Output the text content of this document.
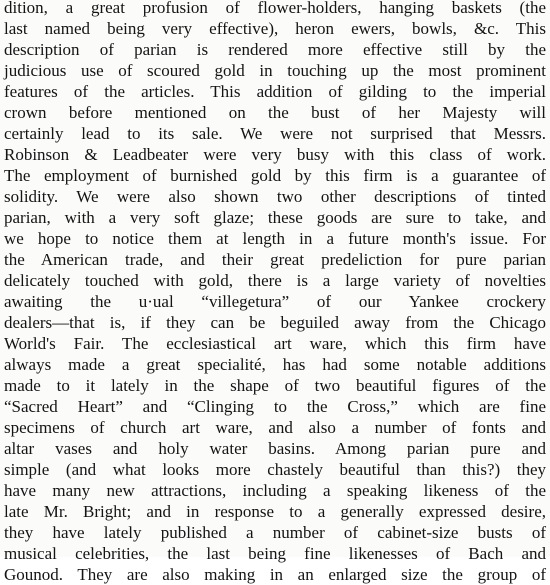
dition, a great profusion of flower-holders, hanging baskets (the
last named being very effective), heron ewers, bowls, &c. This
description of parian is rendered more effective still by the
judicious use of scoured gold in touching up the most prominent
features of the articles. This addition of gilding to the imperial
crown before mentioned on the bust of her Majesty will
certainly lead to its sale. We were not surprised that Messrs.
Robinson & Leadbeater were very busy with this class of work.
The employment of burnished gold by this firm is a guarantee of
solidity. We were also shown two other descriptions of tinted
parian, with a very soft glaze; these goods are sure to take, and
we hope to notice them at length in a future month's issue. For
the American trade, and their great predeliction for pure parian
delicately touched with gold, there is a large variety of novelties
awaiting the u·ual “villegetura” of our Yankee crockery
dealers—that is, if they can be beguiled away from the Chicago
World's Fair. The ecclesiastical art ware, which this firm have
always made a great specialité, has had some notable additions
made to it lately in the shape of two beautiful figures of the
“Sacred Heart” and “Clinging to the Cross,” which are fine
specimens of church art ware, and also a number of fonts and
altar vases and holy water basins. Among parian pure and
simple (and what looks more chastely beautiful than this?) they
have many new attractions, including a speaking likeness of the
late Mr. Bright; and in response to a generally expressed desire,
they have lately published a number of cabinet-size busts of
musical celebrities, the last being fine likenesses of Bach and
Gounod. They are also making in an enlarged size the group of
